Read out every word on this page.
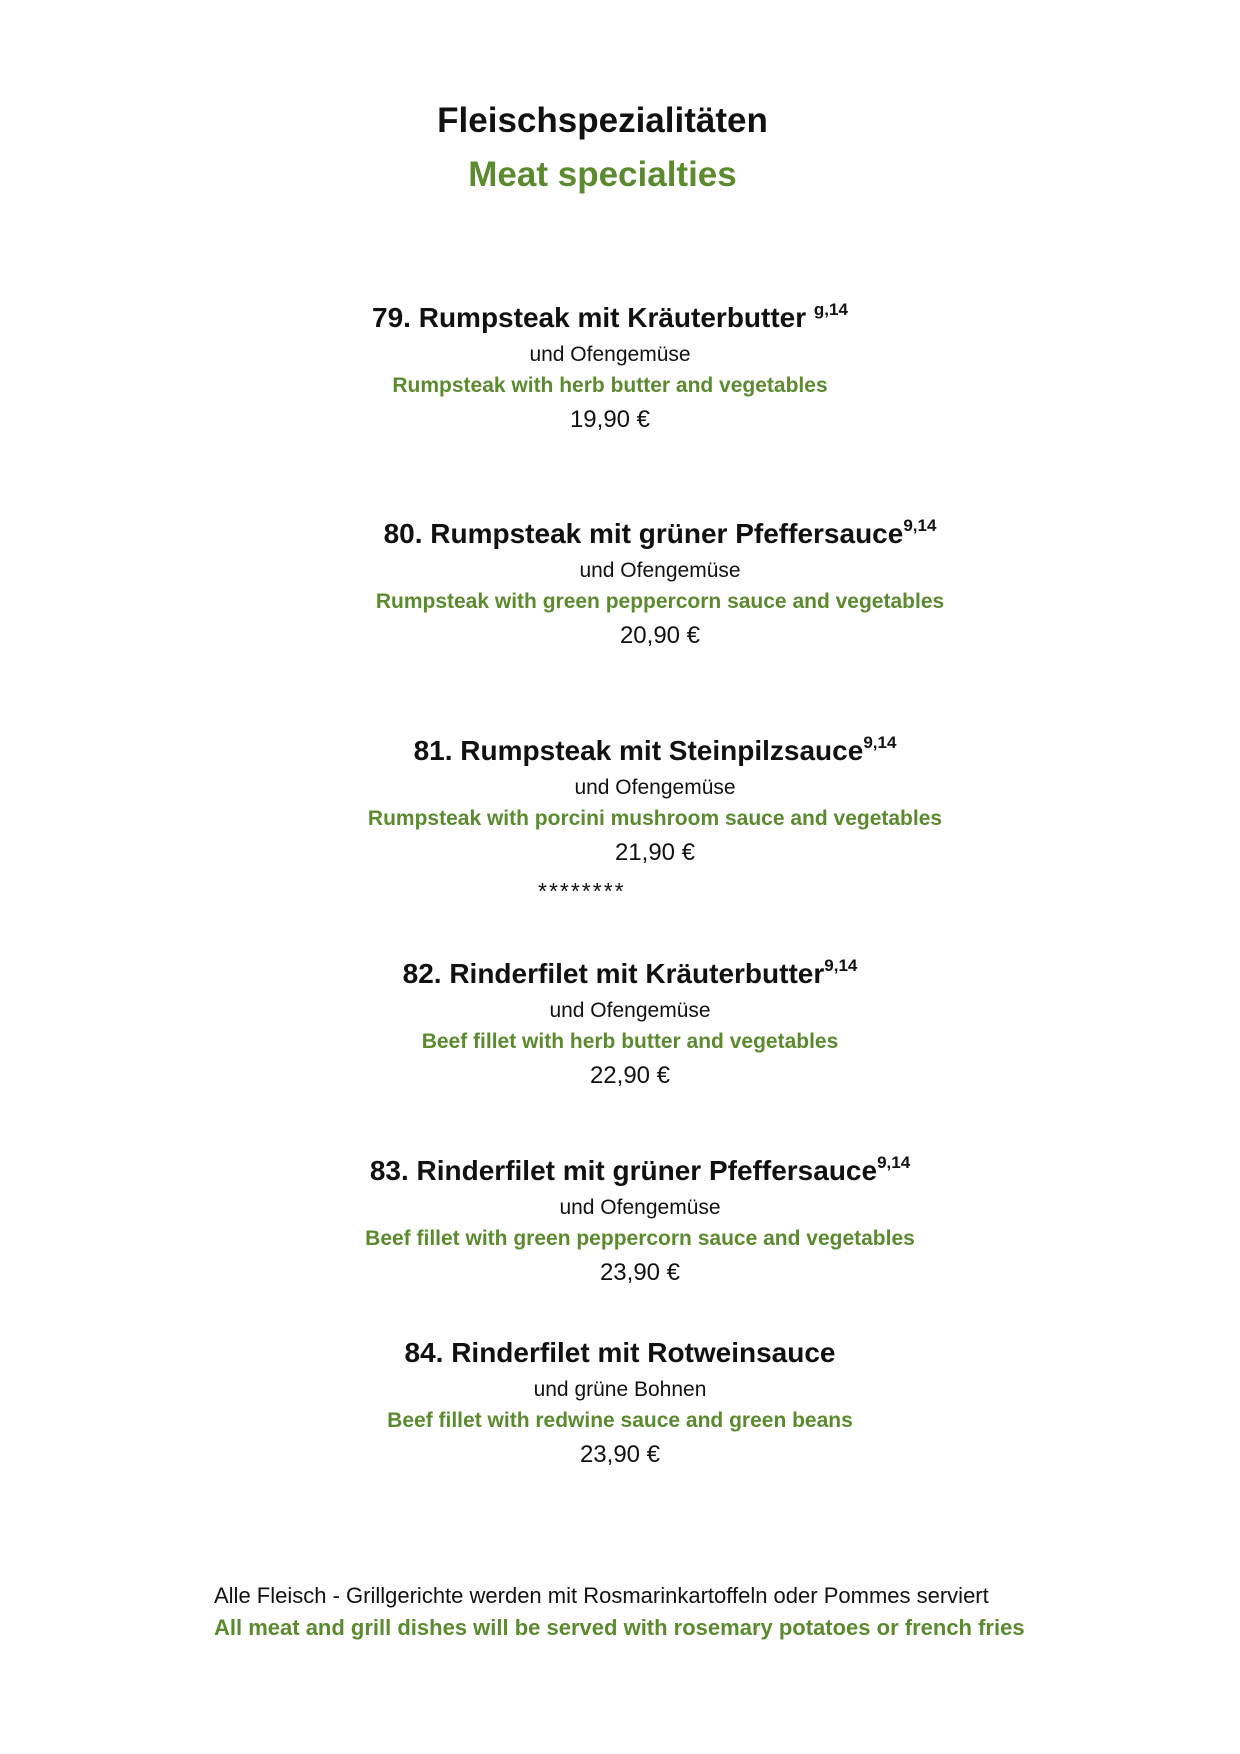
Fleischspezialitäten
Meat specialties
79. Rumpsteak mit Kräuterbutter $^{g,14}$
und Ofengemüse
Rumpsteak with herb butter and vegetables
19,90 €
80. Rumpsteak mit grüner Pfeffersauce$^{9,14}$
und Ofengemüse
Rumpsteak with green peppercorn sauce and vegetables
20,90 €
81. Rumpsteak mit Steinpilzsauce$^{9,14}$
und Ofengemüse
Rumpsteak with porcini mushroom sauce and vegetables
21,90 €
********
82. Rinderfilet mit Kräuterbutter$^{9,14}$
und Ofengemüse
Beef fillet with herb butter and vegetables
22,90 €
83. Rinderfilet mit grüner Pfeffersauce$^{9,14}$
und Ofengemüse
Beef fillet with green peppercorn sauce and vegetables
23,90 €
84. Rinderfilet mit Rotweinsauce
und grüne Bohnen
Beef fillet with redwine sauce and green beans
23,90 €
Alle Fleisch - Grillgerichte werden mit Rosmarinkartoffeln oder Pommes serviert
All meat and grill dishes will be served with rosemary potatoes or french fries
